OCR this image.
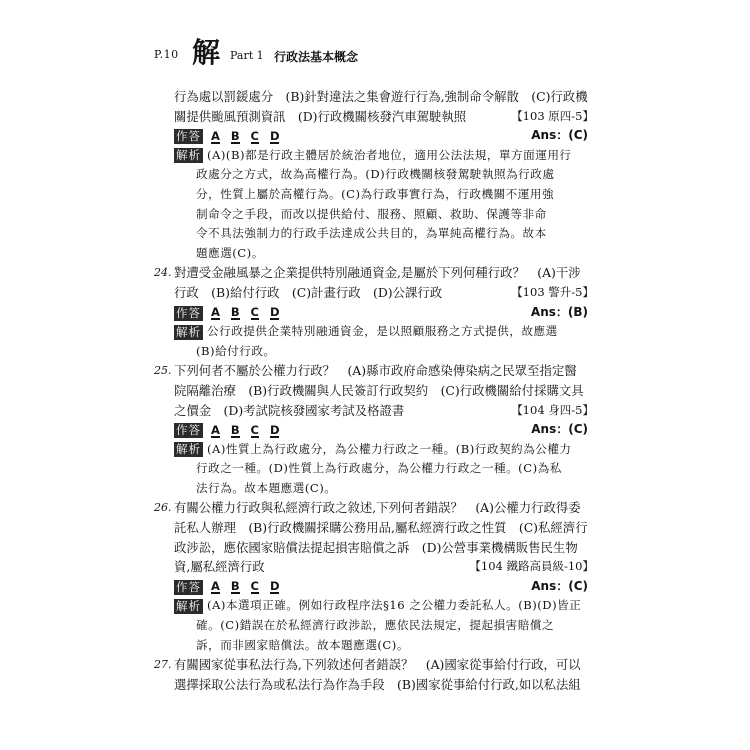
P.10 解 Part 1 行政法基本概念
行為處以罰鍰處分　(B)針對違法之集會遊行行為,強制命令解散　(C)行政機
關提供颱風預測資訊　(D)行政機關核發汽車駕駛執照	【103 原四-5】
作答 A B C D	Ans：(C)
解析 (A)(B)都是行政主體居於統治者地位，適用公法法規，單方面運用行
政處分之方式，故為高權行為。(D)行政機關核發駕駛執照為行政處
分，性質上屬於高權行為。(C)為行政事實行為，行政機關不運用強
制命令之手段，而改以提供給付、服務、照顧、救助、保護等非命
令不具法強制力的行政手法達成公共目的，為單純高權行為。故本
題應選(C)。
24. 對遭受金融風暴之企業提供特別融通資金,是屬於下列何種行政？　(A)干涉
行政　(B)給付行政　(C)計畫行政　(D)公課行政	【103 警升-5】
作答 A B C D	Ans：(B)
解析 公行政提供企業特別融通資金，是以照顧服務之方式提供，故應選
(B)給付行政。
25. 下列何者不屬於公權力行政？　(A)縣市政府命感染傳染病之民眾至指定醫
院隔離治療　(B)行政機關與人民簽訂行政契約　(C)行政機關給付採購文具
之價金　(D)考試院核發國家考試及格證書	【104 身四-5】
作答 A B C D	Ans：(C)
解析 (A)性質上為行政處分，為公權力行政之一種。(B)行政契約為公權力
行政之一種。(D)性質上為行政處分，為公權力行政之一種。(C)為私
法行為。故本題應選(C)。
26. 有關公權力行政與私經濟行政之敘述,下列何者錯誤？　(A)公權力行政得委
託私人辦理　(B)行政機關採購公務用品,屬私經濟行政之性質　(C)私經濟行
政涉訟，應依國家賠償法提起損害賠償之訴　(D)公營事業機構販售民生物
資,屬私經濟行政	【104 鐵路高員級-10】
作答 A B C D	Ans：(C)
解析 (A)本選項正確。例如行政程序法§16 之公權力委託私人。(B)(D)皆正
確。(C)錯誤在於私經濟行政涉訟，應依民法規定，提起損害賠償之
訴，而非國家賠償法。故本題應選(C)。
27. 有關國家從事私法行為,下列敘述何者錯誤？　(A)國家從事給付行政，可以
選擇採取公法行為或私法行為作為手段　(B)國家從事給付行政,如以私法組
